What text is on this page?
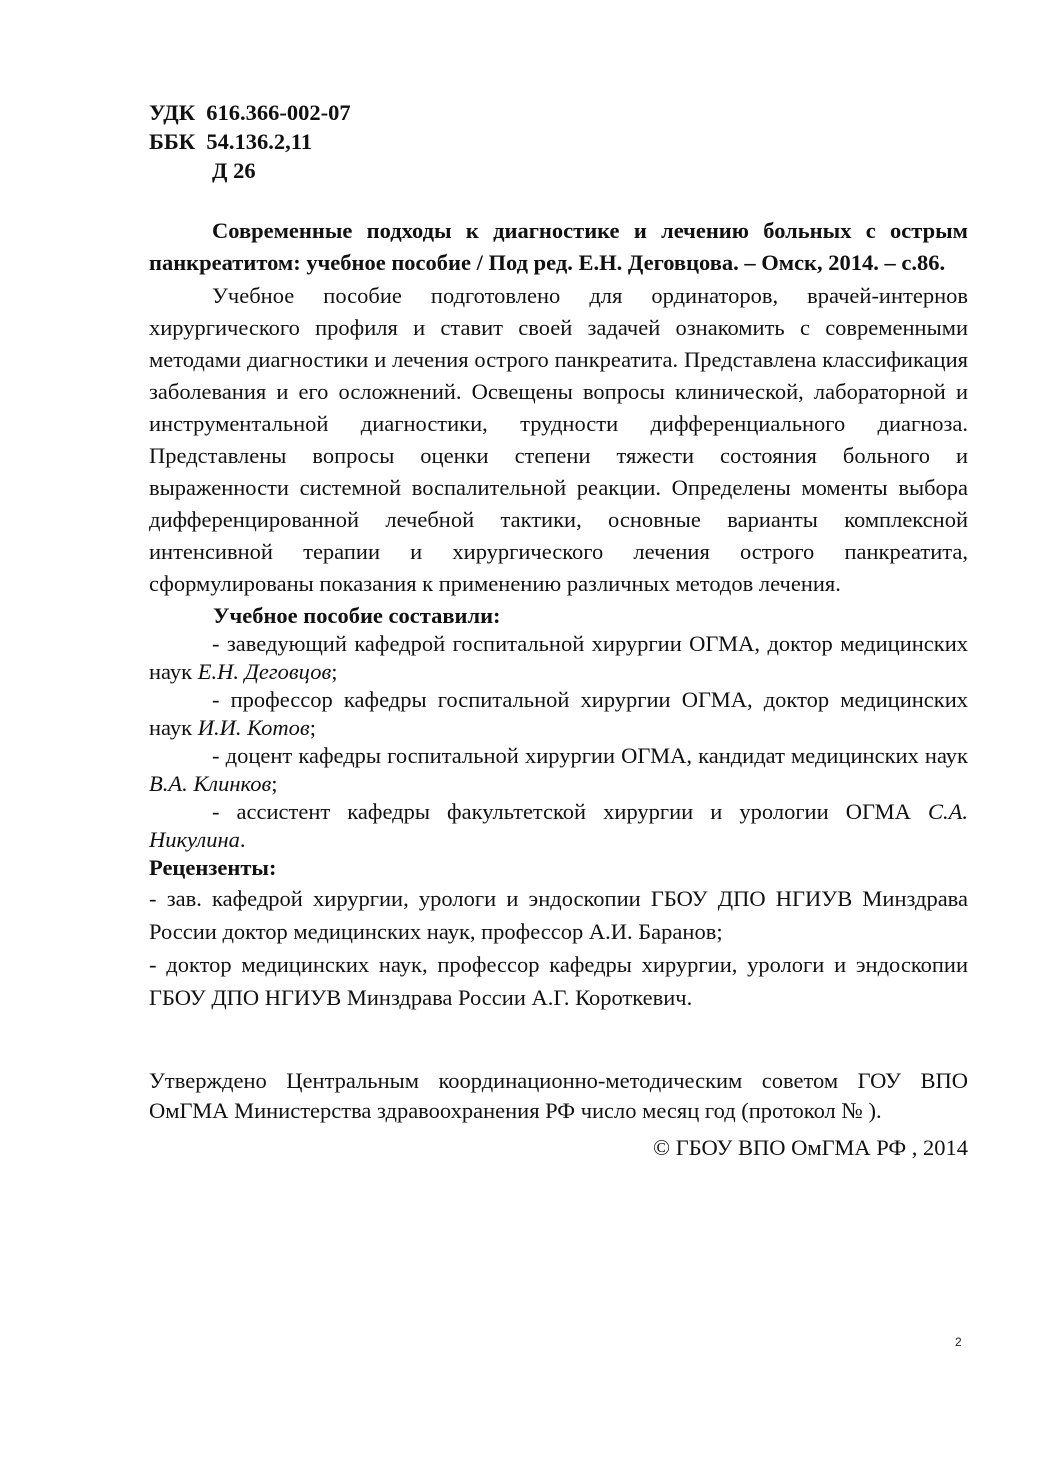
УДК  616.366-002-07
ББК  54.136.2,11
Д 26

Современные подходы к диагностике и лечению больных с острым панкреатитом: учебное пособие / Под ред. Е.Н. Деговцова. – Омск, 2014. – с.86.

Учебное пособие подготовлено для ординаторов, врачей-интернов хирургического профиля и ставит своей задачей ознакомить с современными методами диагностики и лечения острого панкреатита. Представлена классификация заболевания и его осложнений. Освещены вопросы клинической, лабораторной и инструментальной диагностики, трудности дифференциального диагноза. Представлены вопросы оценки степени тяжести состояния больного и выраженности системной воспалительной реакции. Определены моменты выбора дифференцированной лечебной тактики, основные варианты комплексной интенсивной терапии и хирургического лечения острого панкреатита, сформулированы показания к применению различных методов лечения.

Учебное пособие составили:

- заведующий кафедрой госпитальной хирургии ОГМА, доктор медицинских наук Е.Н. Деговцов;

- профессор кафедры госпитальной хирургии ОГМА, доктор медицинских наук И.И. Котов;

- доцент кафедры госпитальной хирургии ОГМА, кандидат медицинских наук В.А. Клинков;

- ассистент кафедры факультетской хирургии и урологии ОГМА С.А. Никулина.

Рецензенты:

- зав. кафедрой хирургии, урологи и эндоскопии ГБОУ ДПО НГИУВ Минздрава России доктор медицинских наук, профессор А.И. Баранов;

- доктор медицинских наук, профессор кафедры хирургии, урологи и эндоскопии ГБОУ ДПО НГИУВ Минздрава России А.Г. Короткевич.

Утверждено Центральным координационно-методическим советом ГОУ ВПО ОмГМА Министерства здравоохранения РФ число месяц год (протокол № ).

© ГБОУ ВПО ОмГМА РФ , 2014

2
